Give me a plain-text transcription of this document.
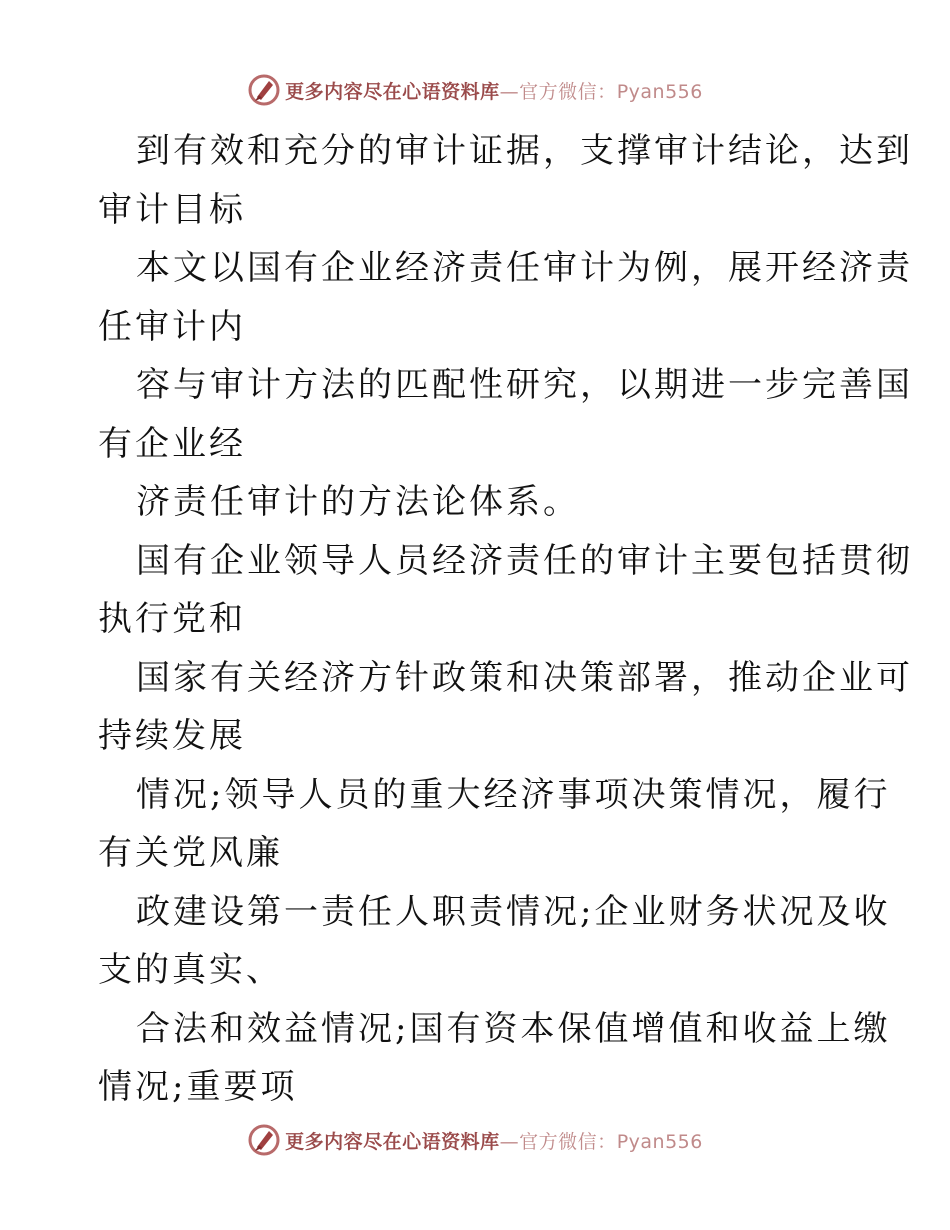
更多内容尽在心语资料库—官方微信：Pyan556
到有效和充分的审计证据，支撑审计结论，达到
审计目标
本文以国有企业经济责任审计为例，展开经济责
任审计内
容与审计方法的匹配性研究，以期进一步完善国
有企业经
济责任审计的方法论体系。
国有企业领导人员经济责任的审计主要包括贯彻
执行党和
国家有关经济方针政策和决策部署，推动企业可
持续发展
情况;领导人员的重大经济事项决策情况，履行
有关党风廉
政建设第一责任人职责情况;企业财务状况及收
支的真实、
合法和效益情况;国有资本保值增值和收益上缴
情况;重要项
更多内容尽在心语资料库—官方微信：Pyan556
